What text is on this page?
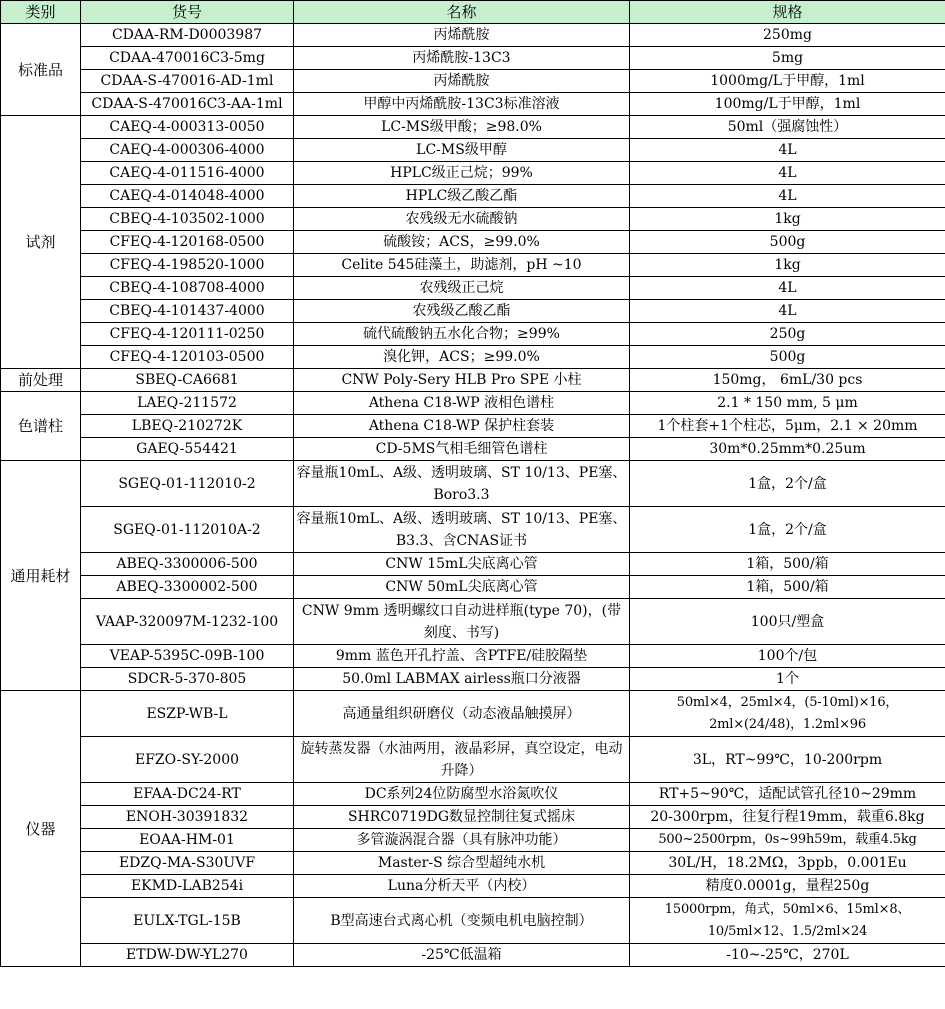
类别	货号	名称	规格
标准品	CDAA-RM-D0003987	丙烯酰胺	250mg
	CDAA-470016C3-5mg	丙烯酰胺-13C3	5mg
	CDAA-S-470016-AD-1ml	丙烯酰胺	1000mg/L于甲醇，1ml
	CDAA-S-470016C3-AA-1ml	甲醇中丙烯酰胺-13C3标准溶液	100mg/L于甲醇，1ml
试剂	CAEQ-4-000313-0050	LC-MS级甲酸；≥98.0%	50ml（强腐蚀性）
	CAEQ-4-000306-4000	LC-MS级甲醇	4L
	CAEQ-4-011516-4000	HPLC级正己烷；99%	4L
	CAEQ-4-014048-4000	HPLC级乙酸乙酯	4L
	CBEQ-4-103502-1000	农残级无水硫酸钠	1kg
	CFEQ-4-120168-0500	硫酸铵；ACS，≥99.0%	500g
	CFEQ-4-198520-1000	Celite 545硅藻土，助滤剂，pH ~10	1kg
	CBEQ-4-108708-4000	农残级正己烷	4L
	CBEQ-4-101437-4000	农残级乙酸乙酯	4L
	CFEQ-4-120111-0250	硫代硫酸钠五水化合物；≥99%	250g
	CFEQ-4-120103-0500	溴化钾，ACS；≥99.0%	500g
前处理	SBEQ-CA6681	CNW Poly-Sery HLB Pro SPE 小柱	150mg， 6mL/30 pcs
色谱柱	LAEQ-211572	Athena C18-WP 液相色谱柱	2.1 * 150 mm, 5 μm
	LBEQ-210272K	Athena C18-WP 保护柱套装	1个柱套+1个柱芯，5μm，2.1 × 20mm
	GAEQ-554421	CD-5MS气相毛细管色谱柱	30m*0.25mm*0.25um
通用耗材	SGEQ-01-112010-2	容量瓶10mL、A级、透明玻璃、ST 10/13、PE塞、Boro3.3	1盒，2个/盒
	SGEQ-01-112010A-2	容量瓶10mL、A级、透明玻璃、ST 10/13、PE塞、B3.3、含CNAS证书	1盒，2个/盒
	ABEQ-3300006-500	CNW 15mL尖底离心管	1箱，500/箱
	ABEQ-3300002-500	CNW 50mL尖底离心管	1箱，500/箱
	VAAP-320097M-1232-100	CNW 9mm 透明螺纹口自动进样瓶(type 70)，(带刻度、书写)	100只/塑盒
	VEAP-5395C-09B-100	9mm 蓝色开孔拧盖、含PTFE/硅胶隔垫	100个/包
	SDCR-5-370-805	50.0ml LABMAX airless瓶口分液器	1个
仪器	ESZP-WB-L	高通量组织研磨仪（动态液晶触摸屏）	50ml×4，25ml×4，(5-10ml)×16，2ml×(24/48)，1.2ml×96
	EFZO-SY-2000	旋转蒸发器（水油两用，液晶彩屏，真空设定，电动升降）	3L，RT~99℃，10-200rpm
	EFAA-DC24-RT	DC系列24位防腐型水浴氮吹仪	RT+5~90℃，适配试管孔径10~29mm
	ENOH-30391832	SHRC0719DG数显控制往复式摇床	20-300rpm，往复行程19mm，载重6.8kg
	EOAA-HM-01	多管漩涡混合器（具有脉冲功能）	500~2500rpm，0s~99h59m，载重4.5kg
	EDZQ-MA-S30UVF	Master-S 综合型超纯水机	30L/H，18.2MΩ，3ppb，0.001Eu
	EKMD-LAB254i	Luna分析天平（内校）	精度0.0001g，量程250g
	EULX-TGL-15B	B型高速台式离心机（变频电机电脑控制）	15000rpm，角式，50ml×6、15ml×8、10/5ml×12、1.5/2ml×24
	ETDW-DW-YL270	-25℃低温箱	-10~-25℃，270L
